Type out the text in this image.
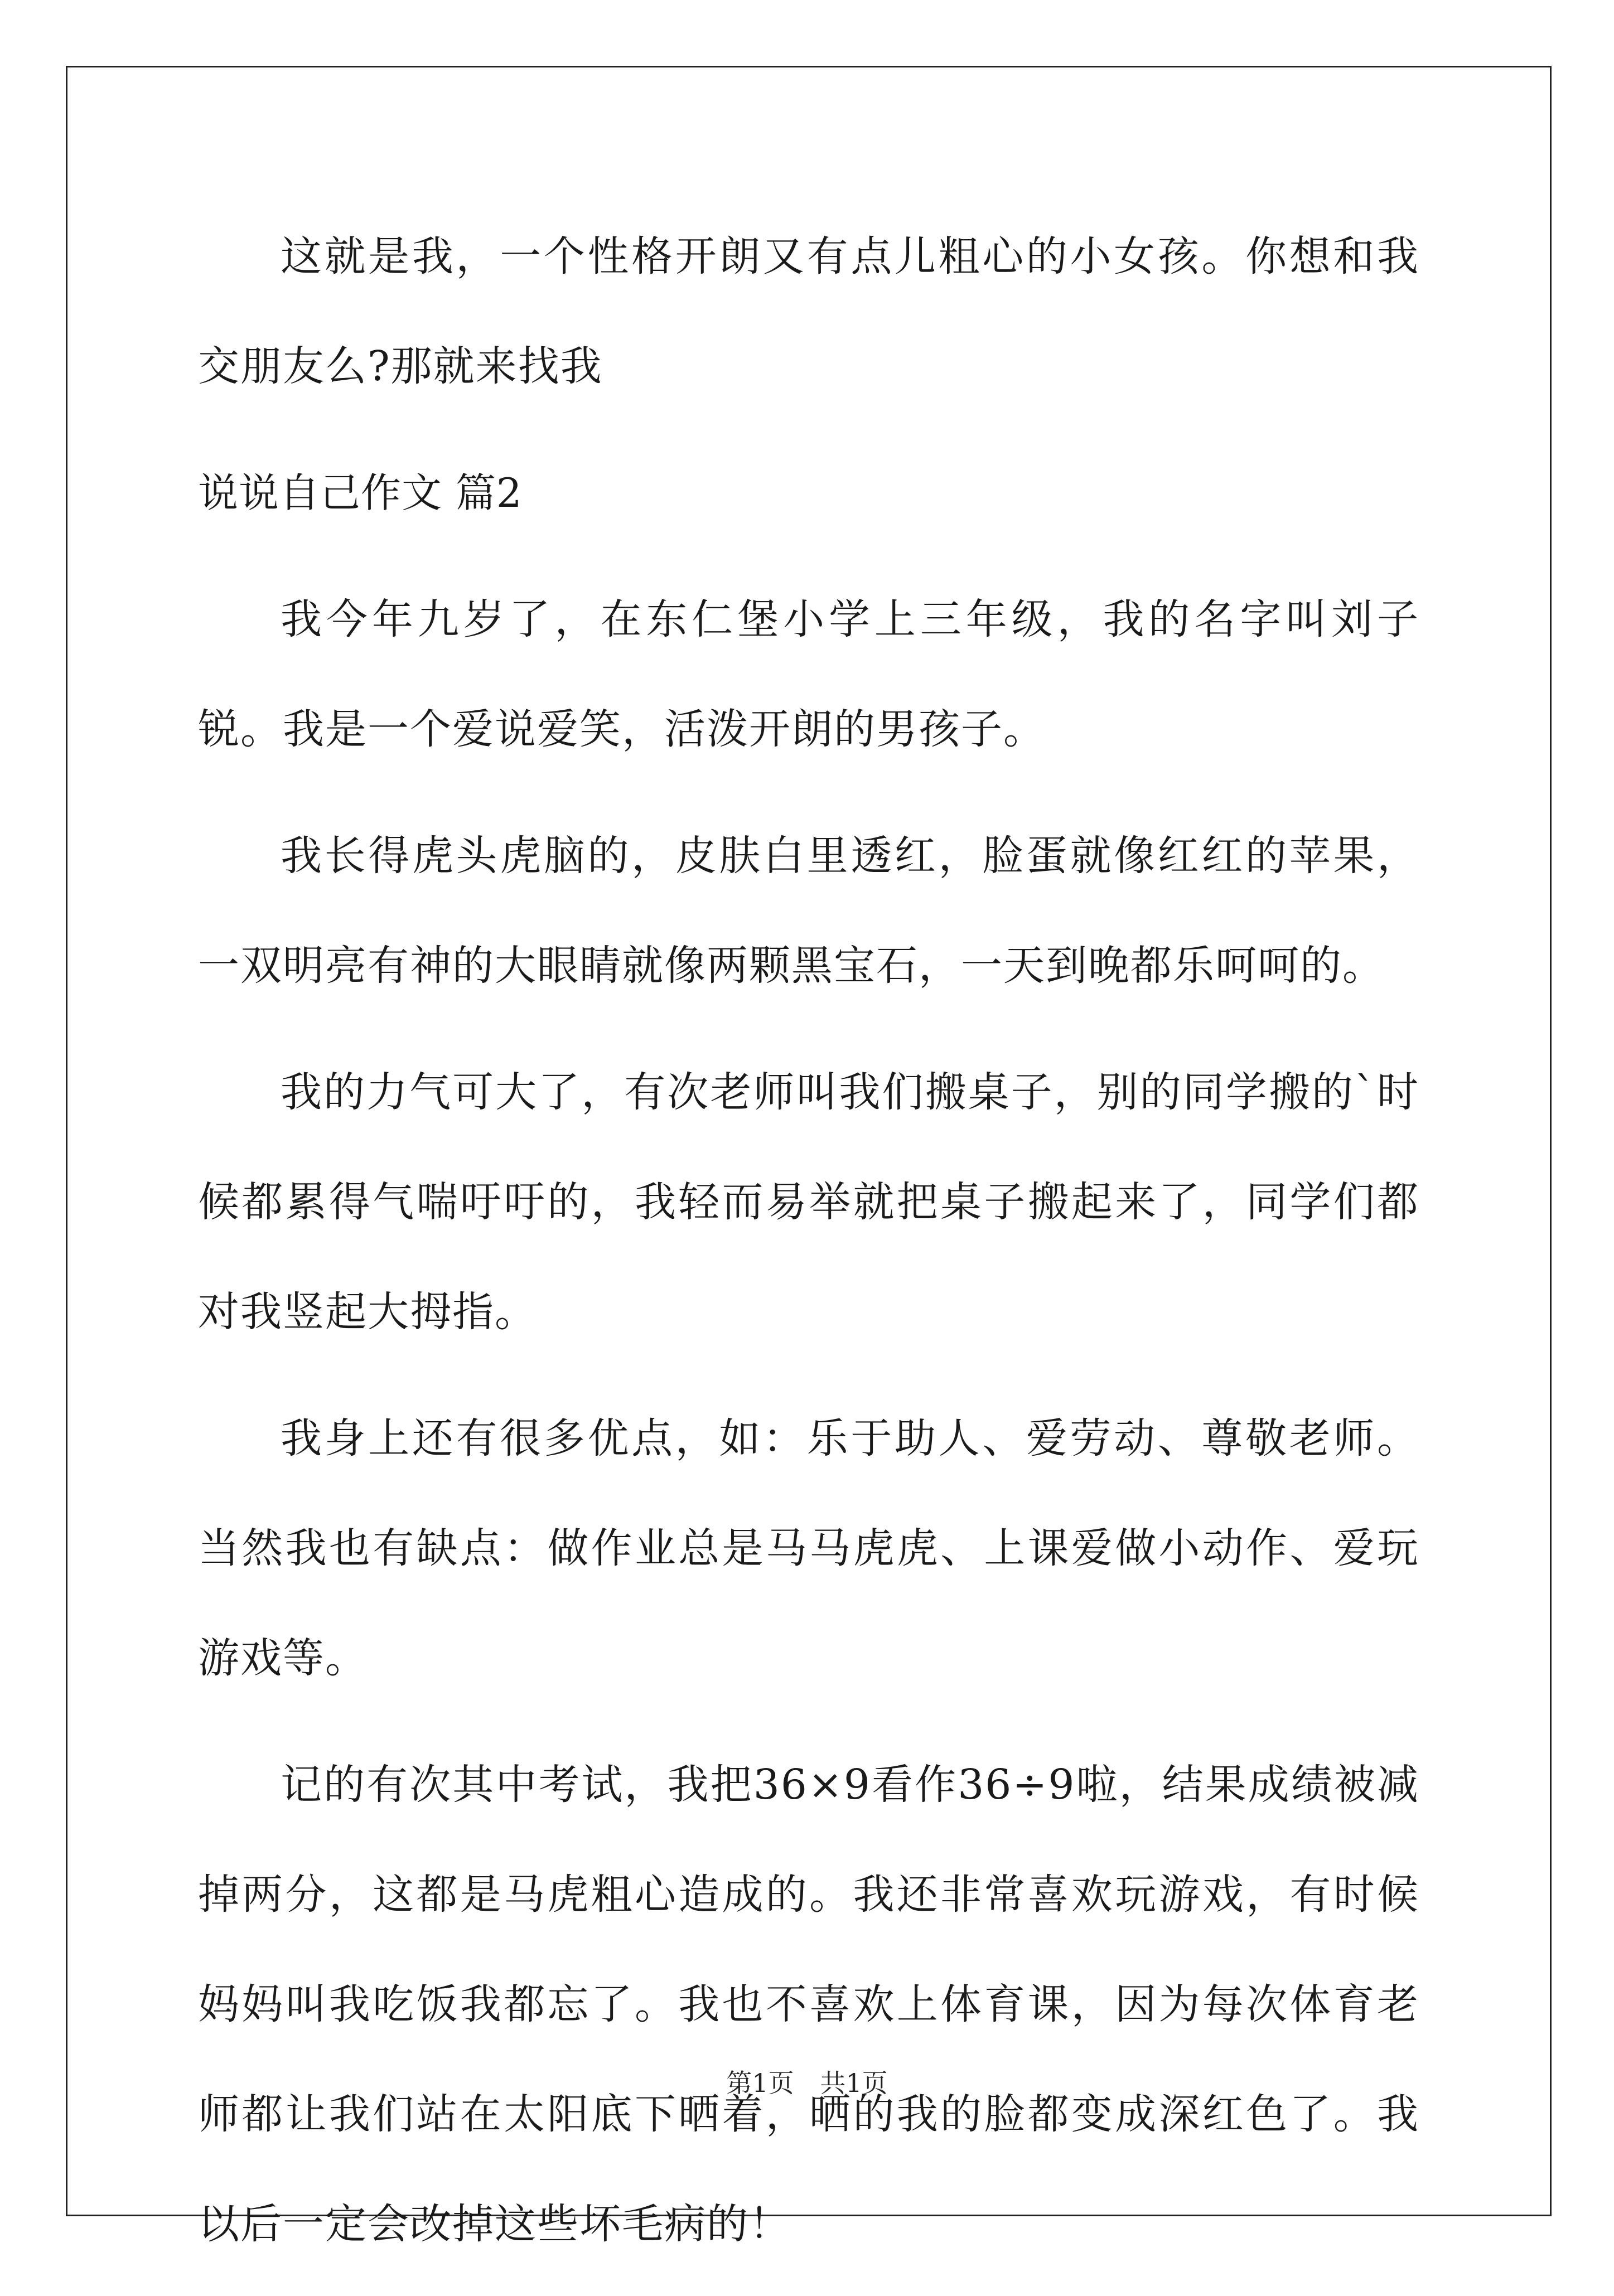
这就是我，一个性格开朗又有点儿粗心的小女孩。你想和我交朋友么?那就来找我

说说自己作文 篇2

我今年九岁了，在东仁堡小学上三年级，我的名字叫刘子锐。我是一个爱说爱笑，活泼开朗的男孩子。

我长得虎头虎脑的，皮肤白里透红，脸蛋就像红红的苹果，一双明亮有神的大眼睛就像两颗黑宝石，一天到晚都乐呵呵的。

我的力气可大了，有次老师叫我们搬桌子，别的同学搬的`时候都累得气喘吁吁的，我轻而易举就把桌子搬起来了，同学们都对我竖起大拇指。

我身上还有很多优点，如：乐于助人、爱劳动、尊敬老师。当然我也有缺点：做作业总是马马虎虎、上课爱做小动作、爱玩游戏等。

记的有次其中考试，我把36×9看作36÷9啦，结果成绩被减掉两分，这都是马虎粗心造成的。我还非常喜欢玩游戏，有时候妈妈叫我吃饭我都忘了。我也不喜欢上体育课，因为每次体育老师都让我们站在太阳底下晒着，晒的我的脸都变成深红色了。我以后一定会改掉这些坏毛病的！

第1页 共1页
